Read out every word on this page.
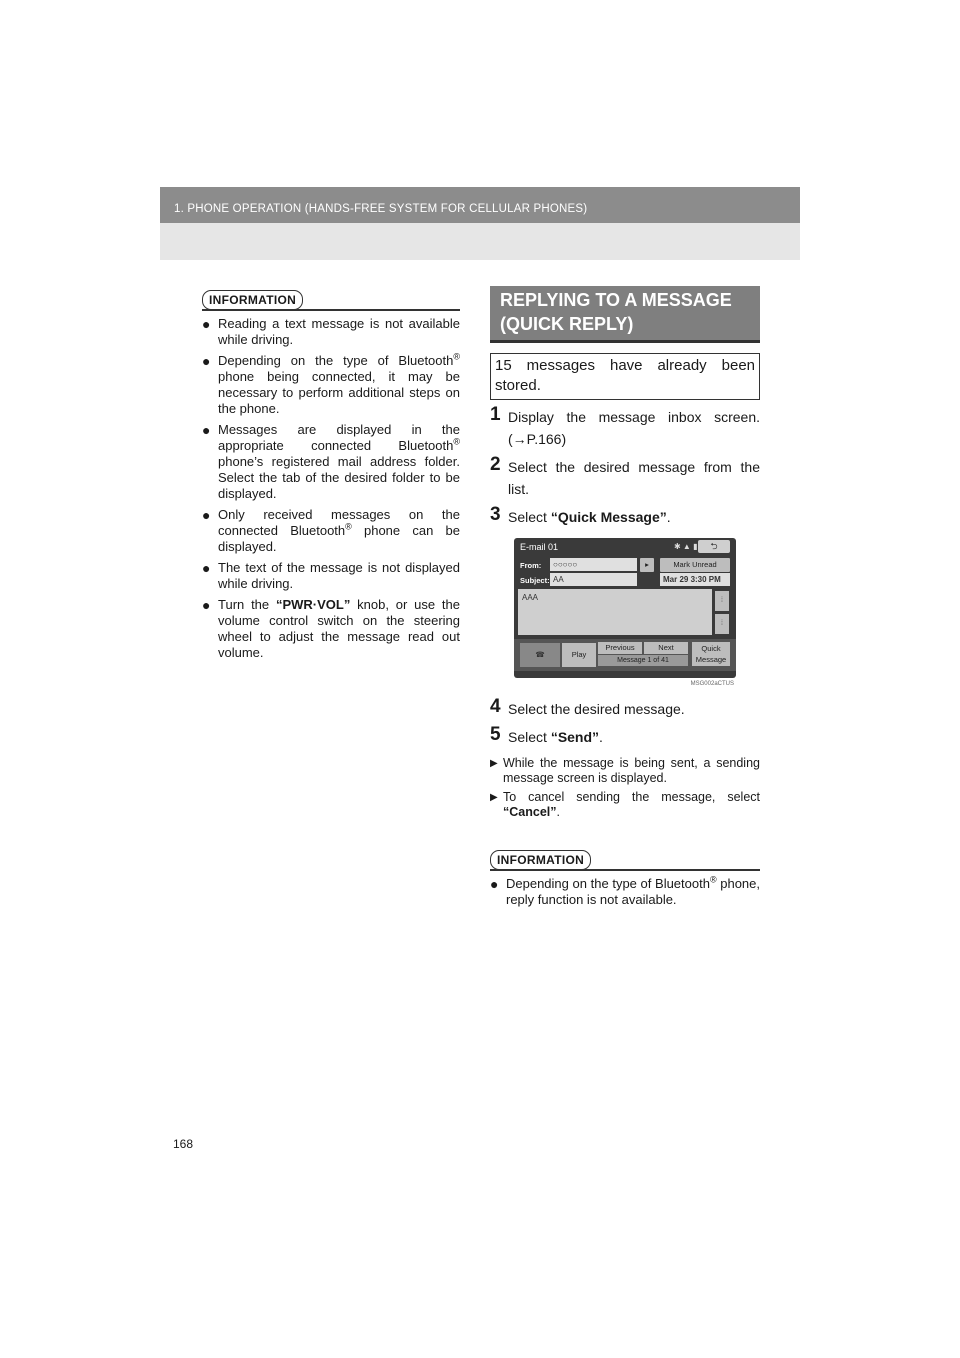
1. PHONE OPERATION (HANDS-FREE SYSTEM FOR CELLULAR PHONES)
INFORMATION
● Reading a text message is not available while driving.
● Depending on the type of Bluetooth® phone being connected, it may be necessary to perform additional steps on the phone.
● Messages are displayed in the appropriate connected Bluetooth® phone’s registered mail address folder. Select the tab of the desired folder to be displayed.
● Only received messages on the connected Bluetooth® phone can be displayed.
● The text of the message is not displayed while driving.
● Turn the “PWR·VOL” knob, or use the volume control switch on the steering wheel to adjust the message read out volume.
REPLYING TO A MESSAGE
(QUICK REPLY)
15 messages have already been stored.
1 Display the message inbox screen. (→P.166)
2 Select the desired message from the list.
3 Select “Quick Message”.
E-mail 01	✱ ▲ ▮	⮌
From:	○○○○○	▸	Mark Unread
Subject: AA	Mar 29 3:30 PM
AAA	⁞
⁞
☎	Play
Previous	Next
Message 1 of 41
Quick Message
MSG002aCTUS
4 Select the desired message.
5 Select “Send”.
▶ While the message is being sent, a sending message screen is displayed.
▶ To cancel sending the message, select “Cancel”.
INFORMATION
● Depending on the type of Bluetooth® phone, reply function is not available.
168
